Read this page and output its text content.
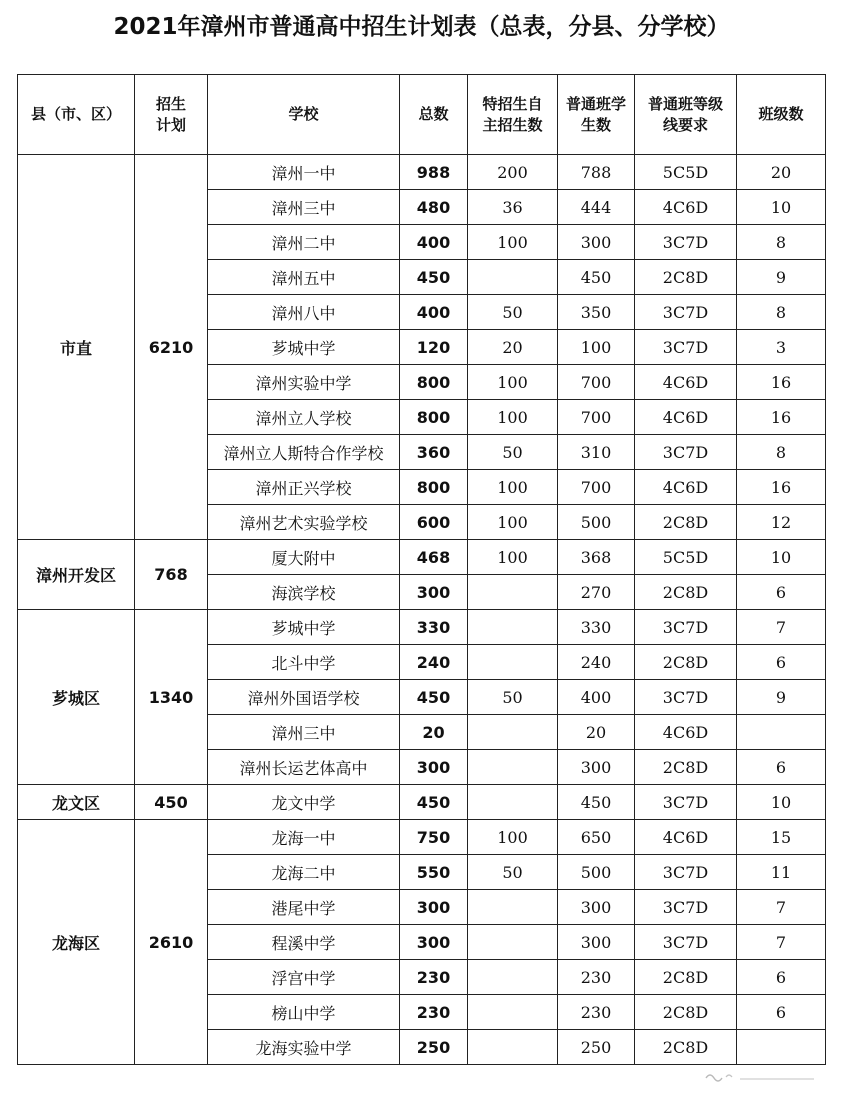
2021年漳州市普通高中招生计划表（总表，分县、分学校）
县（市、区）	招生计划	学校	总数	特招生自主招生数	普通班学生数	普通班等级线要求	班级数
市直	6210	漳州一中	988	200	788	5C5D	20
		漳州三中	480	36	444	4C6D	10
		漳州二中	400	100	300	3C7D	8
		漳州五中	450		450	2C8D	9
		漳州八中	400	50	350	3C7D	8
		芗城中学	120	20	100	3C7D	3
		漳州实验中学	800	100	700	4C6D	16
		漳州立人学校	800	100	700	4C6D	16
		漳州立人斯特合作学校	360	50	310	3C7D	8
		漳州正兴学校	800	100	700	4C6D	16
		漳州艺术实验学校	600	100	500	2C8D	12
漳州开发区	768	厦大附中	468	100	368	5C5D	10
		海滨学校	300		270	2C8D	6
芗城区	1340	芗城中学	330		330	3C7D	7
		北斗中学	240		240	2C8D	6
		漳州外国语学校	450	50	400	3C7D	9
		漳州三中	20		20	4C6D	
		漳州长运艺体高中	300		300	2C8D	6
龙文区	450	龙文中学	450		450	3C7D	10
龙海区	2610	龙海一中	750	100	650	4C6D	15
		龙海二中	550	50	500	3C7D	11
		港尾中学	300		300	3C7D	7
		程溪中学	300		300	3C7D	7
		浮宫中学	230		230	2C8D	6
		榜山中学	230		230	2C8D	6
		龙海实验中学	250		250	2C8D	
